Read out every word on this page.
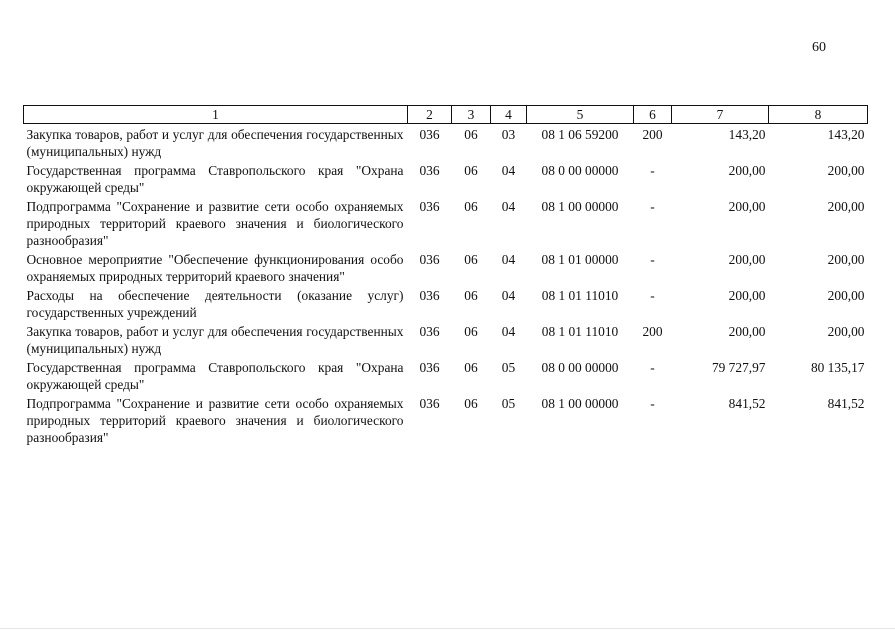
60
1	2	3	4	5	6	7	8
Закупка товаров, работ и услуг для обеспечения государственных (муниципальных) нужд	036	06	03	08 1 06 59200	200	143,20	143,20
Государственная программа Ставропольского края "Охрана окружающей среды"	036	06	04	08 0 00 00000	-	200,00	200,00
Подпрограмма "Сохранение и развитие сети особо охраняемых природных территорий краевого значения и биологического разнообразия"	036	06	04	08 1 00 00000	-	200,00	200,00
Основное мероприятие "Обеспечение функционирования особо охраняемых природных территорий краевого значения"	036	06	04	08 1 01 00000	-	200,00	200,00
Расходы на обеспечение деятельности (оказание услуг) государственных учреждений	036	06	04	08 1 01 11010	-	200,00	200,00
Закупка товаров, работ и услуг для обеспечения государственных (муниципальных) нужд	036	06	04	08 1 01 11010	200	200,00	200,00
Государственная программа Ставропольского края "Охрана окружающей среды"	036	06	05	08 0 00 00000	-	79 727,97	80 135,17
Подпрограмма "Сохранение и развитие сети особо охраняемых природных территорий краевого значения и биологического разнообразия"	036	06	05	08 1 00 00000	-	841,52	841,52
